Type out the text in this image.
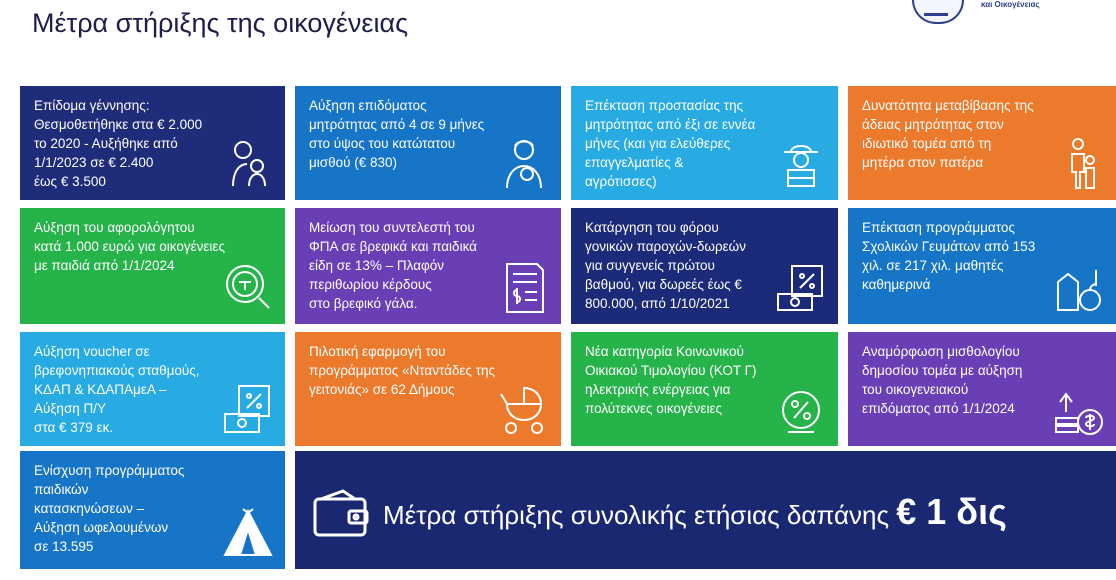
Μέτρα στήριξης της οικογένειας
και Οικογένειας
Επίδομα γέννησης:
Θεσμοθετήθηκε στα € 2.000
το 2020 - Αυξήθηκε από
1/1/2023 σε € 2.400
έως € 3.500
Αύξηση επιδόματος
μητρότητας από 4 σε 9 μήνες
στο ύψος του κατώτατου
μισθού (€ 830)
Επέκταση προστασίας της
μητρότητας από έξι σε εννέα
μήνες (και για ελεύθερες
επαγγελματίες &
αγρότισσες)
Δυνατότητα μεταβίβασης της
άδειας μητρότητας στον
ιδιωτικό τομέα από τη
μητέρα στον πατέρα
Αύξηση του αφορολόγητου
κατά 1.000 ευρώ για οικογένειες
με παιδιά από 1/1/2024
Μείωση του συντελεστή του
ΦΠΑ σε βρεφικά και παιδικά
είδη σε 13% – Πλαφόν
περιθωρίου κέρδους
στο βρεφικό γάλα.
Κατάργηση του φόρου
γονικών παροχών-δωρεών
για συγγενείς πρώτου
βαθμού, για δωρεές έως €
800.000, από 1/10/2021
Επέκταση προγράμματος
Σχολικών Γευμάτων από 153
χιλ. σε 217 χιλ. μαθητές
καθημερινά
Αύξηση voucher σε
βρεφονηπιακούς σταθμούς,
ΚΔΑΠ & ΚΔΑΠΑμεΑ –
Αύξηση Π/Υ
στα € 379 εκ.
Πιλοτική εφαρμογή του
προγράμματος «Νταντάδες της
γειτονιάς» σε 62 Δήμους
Νέα κατηγορία Κοινωνικού
Οικιακού Τιμολογίου (ΚΟΤ Γ)
ηλεκτρικής ενέργειας για
πολύτεκνες οικογένειες
Αναμόρφωση μισθολογίου
δημοσίου τομέα με αύξηση
του οικογενειακού
επιδόματος από 1/1/2024
Ενίσχυση προγράμματος
παιδικών
κατασκηνώσεων –
Αύξηση ωφελουμένων
σε 13.595
Μέτρα στήριξης συνολικής ετήσιας δαπάνης € 1 δις
